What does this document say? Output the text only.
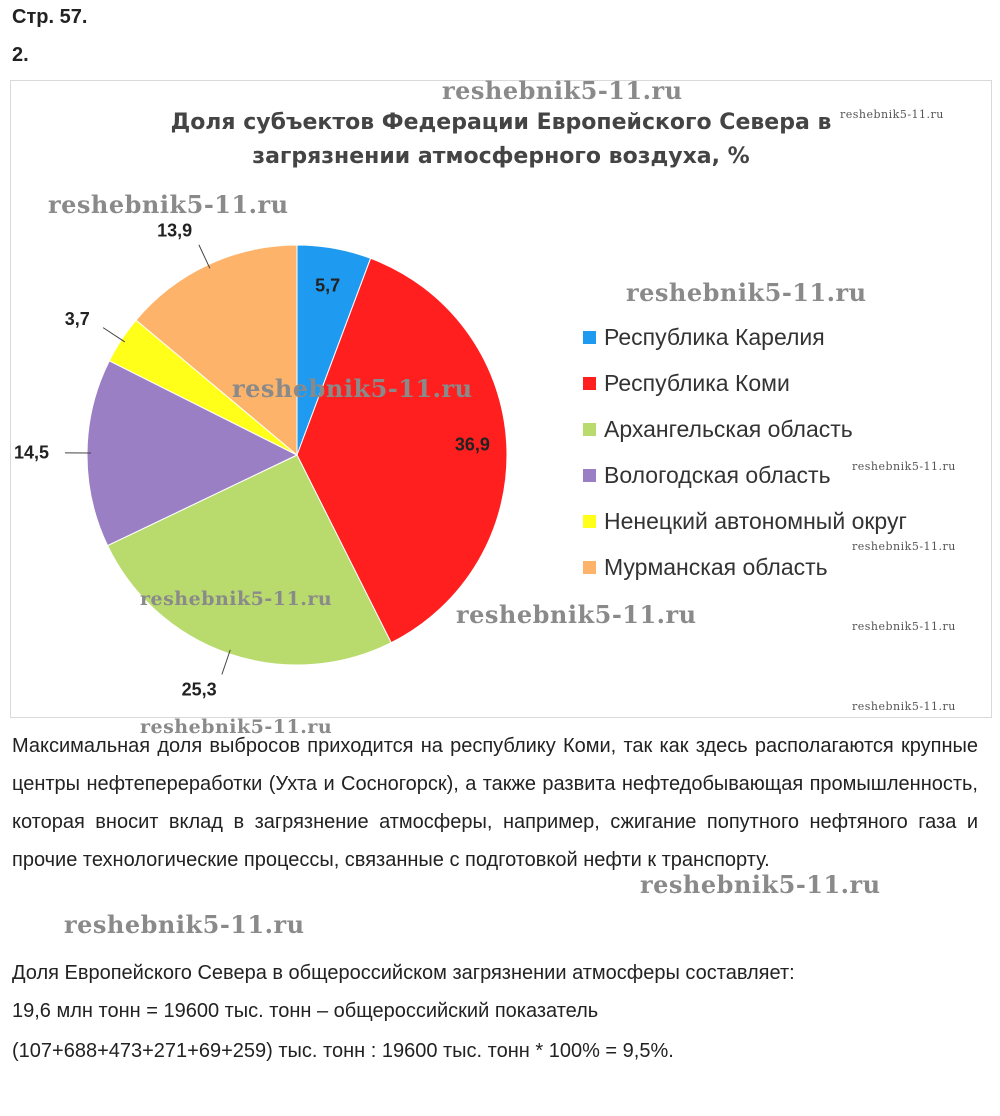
Стр. 57.
2.
Доля субъектов Федерации Европейского Севера в
загрязнении атмосферного воздуха, %
5,7
36,9
25,3
14,5
3,7
13,9
Республика Карелия
Республика Коми
Архангельская область
Вологодская область
Ненецкий автономный округ
Мурманская область
reshebnik5-11.ru
reshebnik5-11.ru
reshebnik5-11.ru
reshebnik5-11.ru
reshebnik5-11.ru
reshebnik5-11.ru
reshebnik5-11.ru
reshebnik5-11.ru
reshebnik5-11.ru	reshebnik5-11.ru
reshebnik5-11.ru
reshebnik5-11.ru
reshebnik5-11.ru
reshebnik5-11.ru
Максимальная доля выбросов приходится на республику Коми, так как здесь располагаются крупные центры нефтепереработки (Ухта и Сосногорск), а также развита нефтедобывающая промышленность, которая вносит вклад в загрязнение атмосферы, например, сжигание попутного нефтяного газа и прочие технологические процессы, связанные с подготовкой нефти к транспорту.
Доля Европейского Севера в общероссийском загрязнении атмосферы составляет:
19,6 млн тонн = 19600 тыс. тонн – общероссийский показатель
(107+688+473+271+69+259) тыс. тонн : 19600 тыс. тонн * 100% = 9,5%.
